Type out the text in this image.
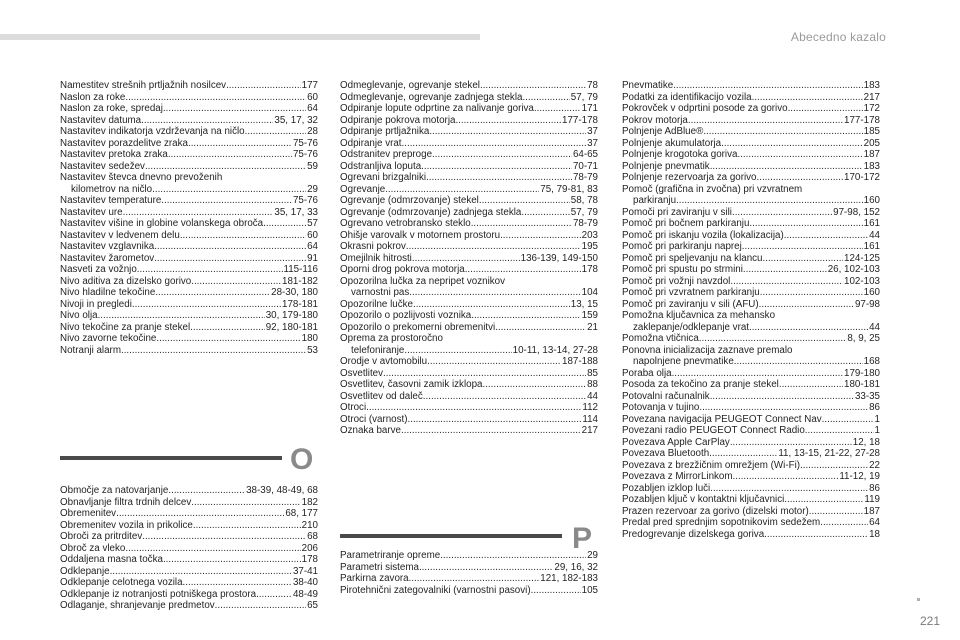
Abecedno kazalo
Namestitev strešnih prtljažnih nosilcev .....	177
Naslon za roke .....	60
Naslon za roke, spredaj .....	64
Nastavitev datuma .....	35, 17, 32
Nastavitev indikatorja vzdrževanja na ničlo .....	28
Nastavitev porazdelitve zraka .....	75-76
Nastavitev pretoka zraka .....	75-76
Nastavitev sedežev .....	59
Nastavitev števca dnevno prevoženih
kilometrov na ničlo .....	29
Nastavitev temperature .....	75-76
Nastavitev ure .....	35, 17, 33
Nastavitev višine in globine volanskega obroča .....	57
Nastavitev v ledvenem delu .....	60
Nastavitev vzglavnika .....	64
Nastavitev žarometov .....	91
Nasveti za vožnjo .....	115-116
Nivo aditiva za dizelsko gorivo .....	181-182
Nivo hladilne tekočine .....	28-30, 180
Nivoji in pregledi .....	178-181
Nivo olja .....	30, 179-180
Nivo tekočine za pranje stekel .....	92, 180-181
Nivo zavorne tekočine .....	180
Notranji alarm .....	53
O
Območje za natovarjanje .....	38-39, 48-49, 68
Obnavljanje filtra trdnih delcev .....	182
Obremenitev .....	68, 177
Obremenitev vozila in prikolice .....	210
Obroči za pritrditev .....	68
Obroč za vleko .....	206
Oddaljena masna točka .....	178
Odklepanje .....	37-41
Odklepanje celotnega vozila .....	38-40
Odklepanje iz notranjosti potniškega prostora .....	48-49
Odlaganje, shranjevanje predmetov .....	65
Odmeglevanje, ogrevanje stekel .....	78
Odmeglevanje, ogrevanje zadnjega stekla .....	57, 79
Odpiranje lopute odprtine za nalivanje goriva .....	171
Odpiranje pokrova motorja .....	177-178
Odpiranje prtljažnika .....	37
Odpiranje vrat .....	37
Odstranitev preproge .....	64-65
Odstranljiva loputa .....	70-71
Ogrevani brizgalniki .....	78-79
Ogrevanje .....	75, 79-81, 83
Ogrevanje (odmrzovanje) stekel .....	58, 78
Ogrevanje (odmrzovanje) zadnjega stekla .....	57, 79
Ogrevano vetrobransko steklo .....	78-79
Ohišje varovalk v motornem prostoru .....	203
Okrasni pokrov .....	195
Omejilnik hitrosti .....	136-139, 149-150
Oporni drog pokrova motorja .....	178
Opozorilna lučka za nepripet voznikov
varnostni pas .....	104
Opozorilne lučke .....	13, 15
Opozorilo o pozlijvosti voznika .....	159
Opozorilo o prekomerni obremenitvi .....	21
Oprema za prostoročno
telefoniranje .....	10-11, 13-14, 27-28
Orodje v avtomobilu .....	187-188
Osvetlitev .....	85
Osvetlitev, časovni zamik izklopa .....	88
Osvetlitev od daleč .....	44
Otroci .....	112
Otroci (varnost) .....	114
Oznaka barve .....	217
P
Parametriranje opreme .....	29
Parametri sistema .....	29, 16, 32
Parkirna zavora .....	121, 182-183
Pirotehnični zategovalniki (varnostni pasovi) .....	105
Pnevmatike .....	183
Podatki za identifikacijo vozila .....	217
Pokrovček v odprtini posode za gorivo .....	172
Pokrov motorja .....	177-178
Polnjenje AdBlue® .....	185
Polnjenje akumulatorja .....	205
Polnjenje krogotoka goriva .....	187
Polnjenje pnevmatik .....	183
Polnjenje rezervoarja za gorivo .....	170-172
Pomoč (grafična in zvočna) pri vzvratnem
parkiranju .....	160
Pomoči pri zaviranju v sili .....	97-98, 152
Pomoč pri bočnem parkiranju .....	161
Pomoč pri iskanju vozila (lokalizacija) .....	44
Pomoč pri parkiranju naprej .....	161
Pomoč pri speljevanju na klancu .....	124-125
Pomoč pri spustu po strmini .....	26, 102-103
Pomoč pri vožnji navzdol .....	102-103
Pomoč pri vzvratnem parkiranju .....	160
Pomoč pri zaviranju v sili (AFU) .....	97-98
Pomožna ključavnica za mehansko
zaklepanje/odklepanje vrat .....	44
Pomožna vtičnica .....	8, 9, 25
Ponovna inicializacija zaznave premalo
napolnjene pnevmatike .....	168
Poraba olja .....	179-180
Posoda za tekočino za pranje stekel .....	180-181
Potovalni računalnik .....	33-35
Potovanja v tujino .....	86
Povezana navigacija PEUGEOT Connect Nav .....	1
Povezani radio PEUGEOT Connect Radio .....	1
Povezava Apple CarPlay .....	12, 18
Povezava Bluetooth .....	11, 13-15, 21-22, 27-28
Povezava z brezžičnim omrežjem (Wi-Fi) .....	22
Povezava z MirrorLinkom .....	11-12, 19
Pozabljen izklop luči .....	86
Pozabljen ključ v kontaktni ključavnici .....	119
Prazen rezervoar za gorivo (dizelski motor) .....	187
Predal pred sprednjim sopotnikovim sedežem .....	64
Predogrevanje dizelskega goriva .....	18
221
